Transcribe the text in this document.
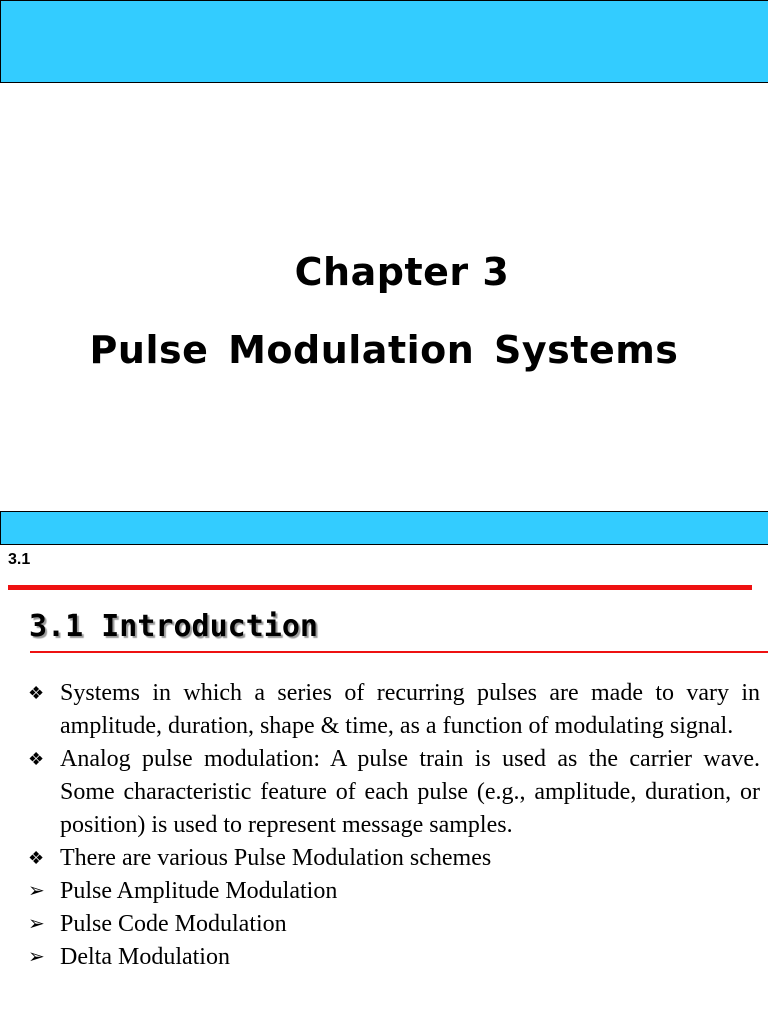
Chapter 3
Pulse Modulation Systems
3.1
3.1 Introduction
❖ Systems in which a series of recurring pulses are made to vary in amplitude, duration, shape & time, as a function of modulating signal.
❖ Analog pulse modulation: A pulse train is used as the carrier wave. Some characteristic feature of each pulse (e.g., amplitude, duration, or position) is used to represent message samples.
❖ There are various Pulse Modulation schemes
➢ Pulse Amplitude Modulation
➢ Pulse Code Modulation
➢ Delta Modulation
